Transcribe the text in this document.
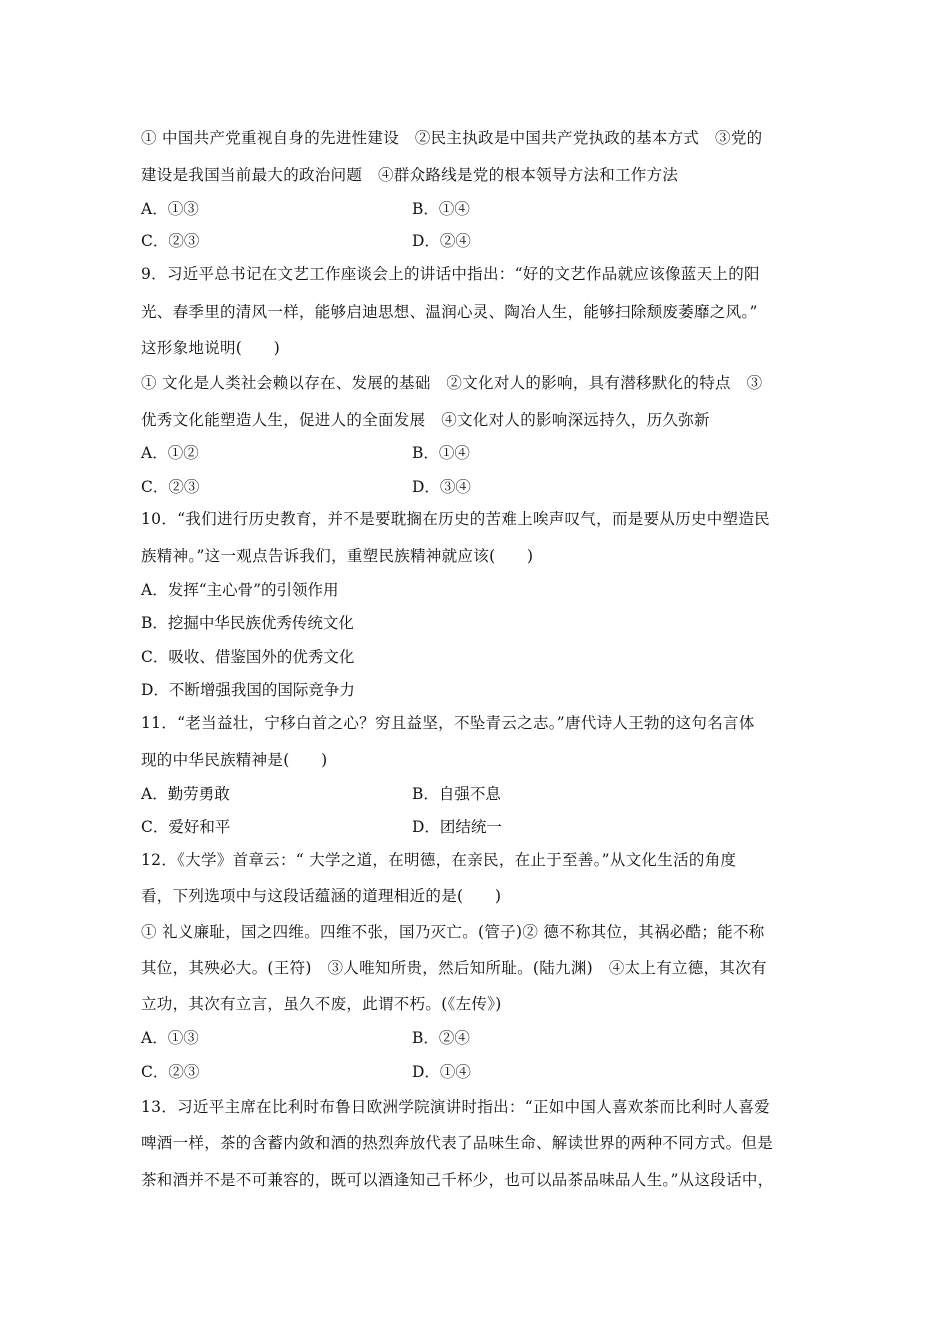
① 中国共产党重视自身的先进性建设　②民主执政是中国共产党执政的基本方式　③党的
建设是我国当前最大的政治问题　④群众路线是党的根本领导方法和工作方法
A．①③	B．①④
C．②③	D．②④
9．习近平总书记在文艺工作座谈会上的讲话中指出：“好的文艺作品就应该像蓝天上的阳
光、春季里的清风一样，能够启迪思想、温润心灵、陶冶人生，能够扫除颓废萎靡之风。”
这形象地说明(　　)
① 文化是人类社会赖以存在、发展的基础　②文化对人的影响，具有潜移默化的特点　③
优秀文化能塑造人生，促进人的全面发展　④文化对人的影响深远持久，历久弥新
A．①②	B．①④
C．②③	D．③④
10．“我们进行历史教育，并不是要耽搁在历史的苦难上唉声叹气，而是要从历史中塑造民
族精神。”这一观点告诉我们，重塑民族精神就应该(　　)
A．发挥“主心骨”的引领作用
B．挖掘中华民族优秀传统文化
C．吸收、借鉴国外的优秀文化
D．不断增强我国的国际竞争力
11．“老当益壮，宁移白首之心？穷且益坚，不坠青云之志。”唐代诗人王勃的这句名言体
现的中华民族精神是(　　)
A．勤劳勇敢	B．自强不息
C．爱好和平	D．团结统一
12．《大学》首章云：“ 大学之道，在明德，在亲民，在止于至善。”从文化生活的角度
看，下列选项中与这段话蕴涵的道理相近的是(　　)
① 礼义廉耻，国之四维。四维不张，国乃灭亡。(管子)② 德不称其位，其祸必酷；能不称
其位，其殃必大。(王符)　③人唯知所贵，然后知所耻。(陆九渊)　④太上有立德，其次有
立功，其次有立言，虽久不废，此谓不朽。(《左传》)
A．①③	B．②④
C．②③	D．①④
13．习近平主席在比利时布鲁日欧洲学院演讲时指出：“正如中国人喜欢茶而比利时人喜爱
啤酒一样，茶的含蓄内敛和酒的热烈奔放代表了品味生命、解读世界的两种不同方式。但是
茶和酒并不是不可兼容的，既可以酒逢知己千杯少，也可以品茶品味品人生。”从这段话中，
